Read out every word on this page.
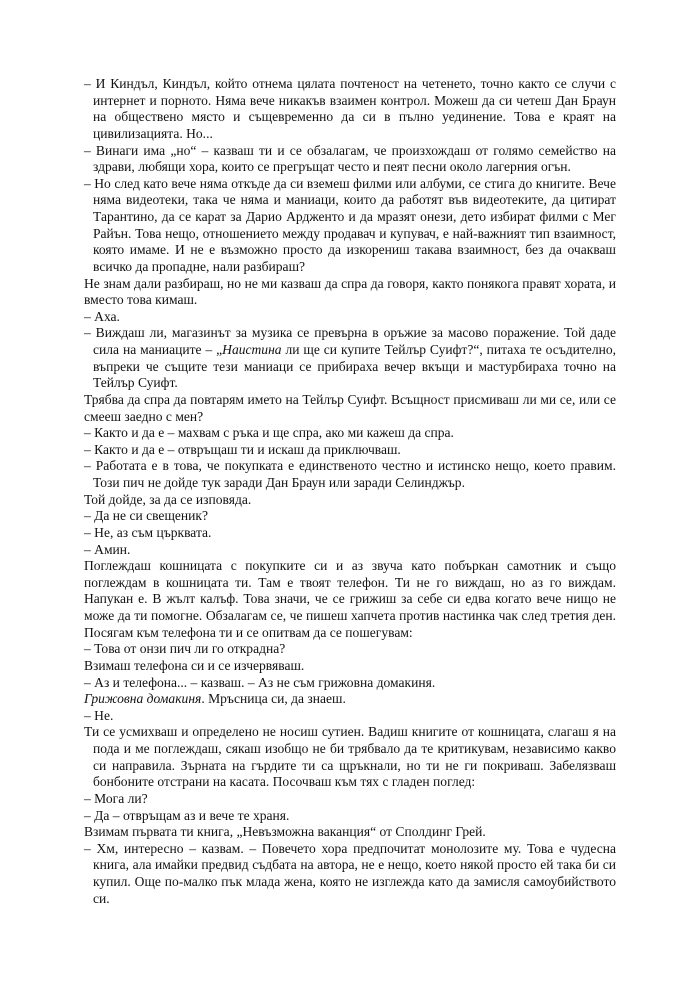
– И Киндъл, Киндъл, който отнема цялата почтеност на четенето, точно както се случи с интернет и порното. Няма вече никакъв взаимен контрол. Можеш да си четеш Дан Браун на обществено място и същевременно да си в пълно уединение. Това е краят на цивилизацията. Но...

– Винаги има „но“ – казваш ти и се обзалагам, че произхождаш от голямо семейство на здрави, любящи хора, които се прегръщат често и пеят песни около лагерния огън.

– Но след като вече няма откъде да си вземеш филми или албуми, се стига до книгите. Вече няма видеотеки, така че няма и маниаци, които да работят във видеотеките, да цитират Тарантино, да се карат за Дарио Ардженто и да мразят онези, дето избират филми с Мег Райън. Това нещо, отношението между продавач и купувач, е най-важният тип взаимност, която имаме. И не е възможно просто да изкорениш такава взаимност, без да очакваш всичко да пропадне, нали разбираш?

Не знам дали разбираш, но не ми казваш да спра да говоря, както понякога правят хората, и вместо това кимаш.

– Аха.

– Виждаш ли, магазинът за музика се превърна в оръжие за масово поражение. Той даде сила на маниаците – „Наистина ли ще си купите Тейлър Суифт?“, питаха те осъдително, въпреки че същите тези маниаци се прибираха вечер вкъщи и мастурбираха точно на Тейлър Суифт.

Трябва да спра да повтарям името на Тейлър Суифт. Всъщност присмиваш ли ми се, или се смееш заедно с мен?

– Както и да е – махвам с ръка и ще спра, ако ми кажеш да спра.

– Както и да е – отвръщаш ти и искаш да приключваш.

– Работата е в това, че покупката е единственото честно и истинско нещо, което правим. Този пич не дойде тук заради Дан Браун или заради Селинджър.

Той дойде, за да се изповяда.

– Да не си свещеник?

– Не, аз съм църквата.

– Амин.

Поглеждаш кошницата с покупките си и аз звуча като побъркан самотник и също поглеждам в кошницата ти. Там е твоят телефон. Ти не го виждаш, но аз го виждам. Напукан е. В жълт калъф. Това значи, че се грижиш за себе си едва когато вече нищо не може да ти помогне. Обзалагам се, че пишеш хапчета против настинка чак след третия ден. Посягам към телефона ти и се опитвам да се пошегувам:

– Това от онзи пич ли го открадна?

Взимаш телефона си и се изчервяваш.

– Аз и телефона... – казваш. – Аз не съм грижовна домакиня.

Грижовна домакиня. Мръсница си, да знаеш.

– Не.

Ти се усмихваш и определено не носиш сутиен. Вадиш книгите от кошницата, слагаш я на пода и ме поглеждаш, сякаш изобщо не би трябвало да те критикувам, независимо какво си направила. Зърната на гърдите ти са щръкнали, но ти не ги покриваш. Забелязваш бонбоните отстрани на касата. Посочваш към тях с гладен поглед:

– Мога ли?

– Да – отвръщам аз и вече те храня.

Взимам първата ти книга, „Невъзможна ваканция“ от Сполдинг Грей.

– Хм, интересно – казвам. – Повечето хора предпочитат монолозите му. Това е чудесна книга, ала имайки предвид съдбата на автора, не е нещо, което някой просто ей така би си купил. Още по-малко пък млада жена, която не изглежда като да замисля самоубийството си.
